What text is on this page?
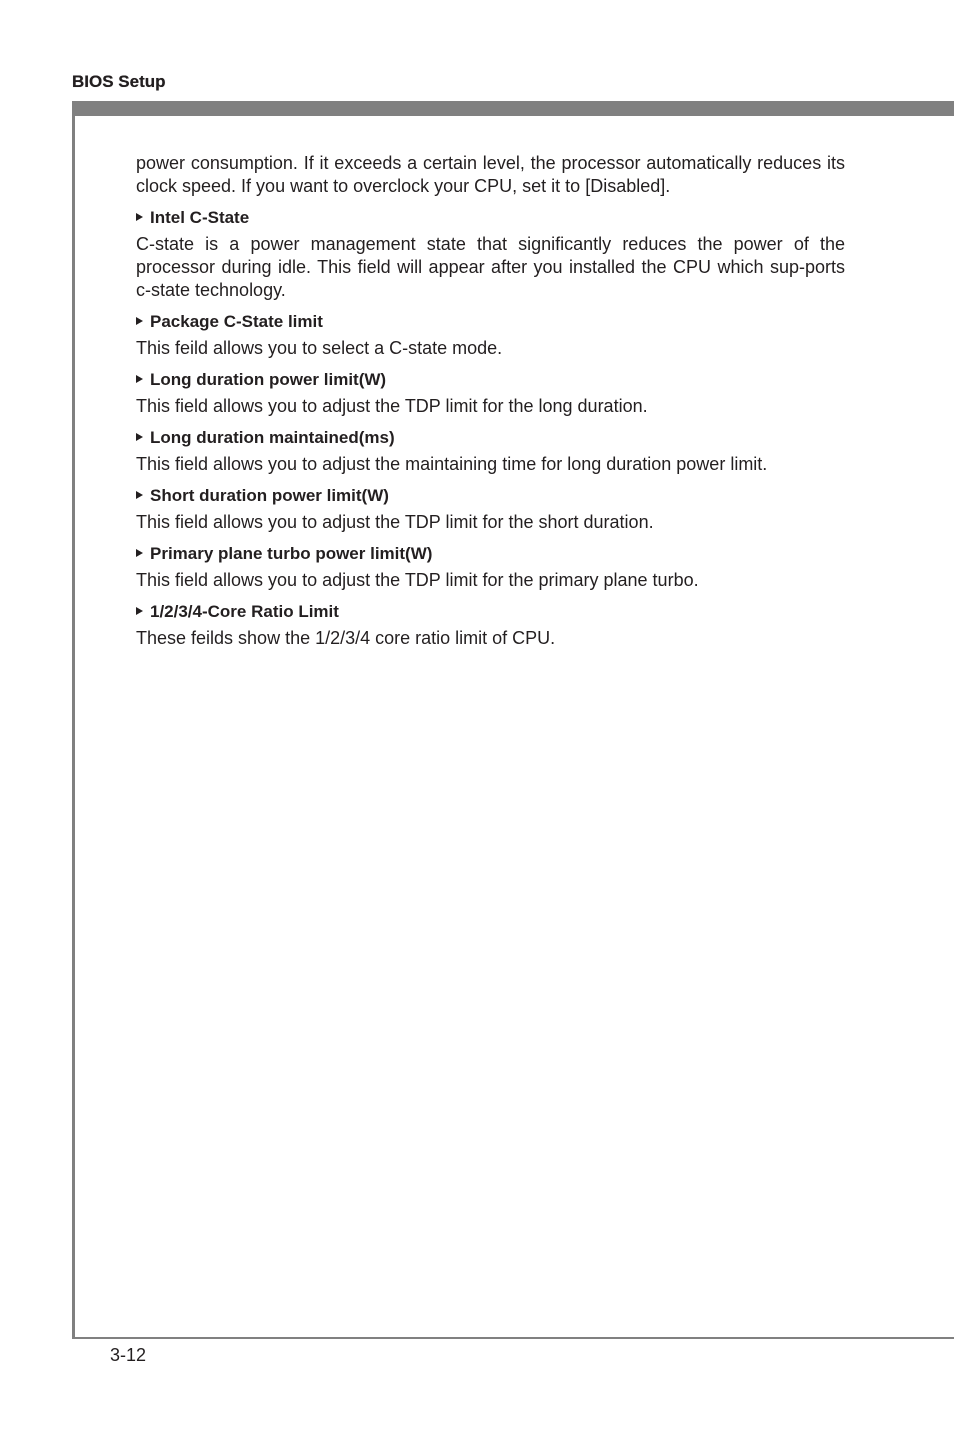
BIOS Setup

power consumption. If it exceeds a certain level, the processor automatically reduces its clock speed. If you want to overclock your CPU, set it to [Disabled].

Intel C-State

C-state is a power management state that significantly reduces the power of the processor during idle. This field will appear after you installed the CPU which sup-ports c-state technology.

Package C-State limit

This feild allows you to select a C-state mode.

Long duration power limit(W)

This field allows you to adjust the TDP limit for the long duration.

Long duration maintained(ms)

This field allows you to adjust the maintaining time for long duration power limit.

Short duration power limit(W)

This field allows you to adjust the TDP limit for the short duration.

Primary plane turbo power limit(W)

This field allows you to adjust the TDP limit for the primary plane turbo.

1/2/3/4-Core Ratio Limit

These feilds show the 1/2/3/4 core ratio limit of CPU.

3-12
